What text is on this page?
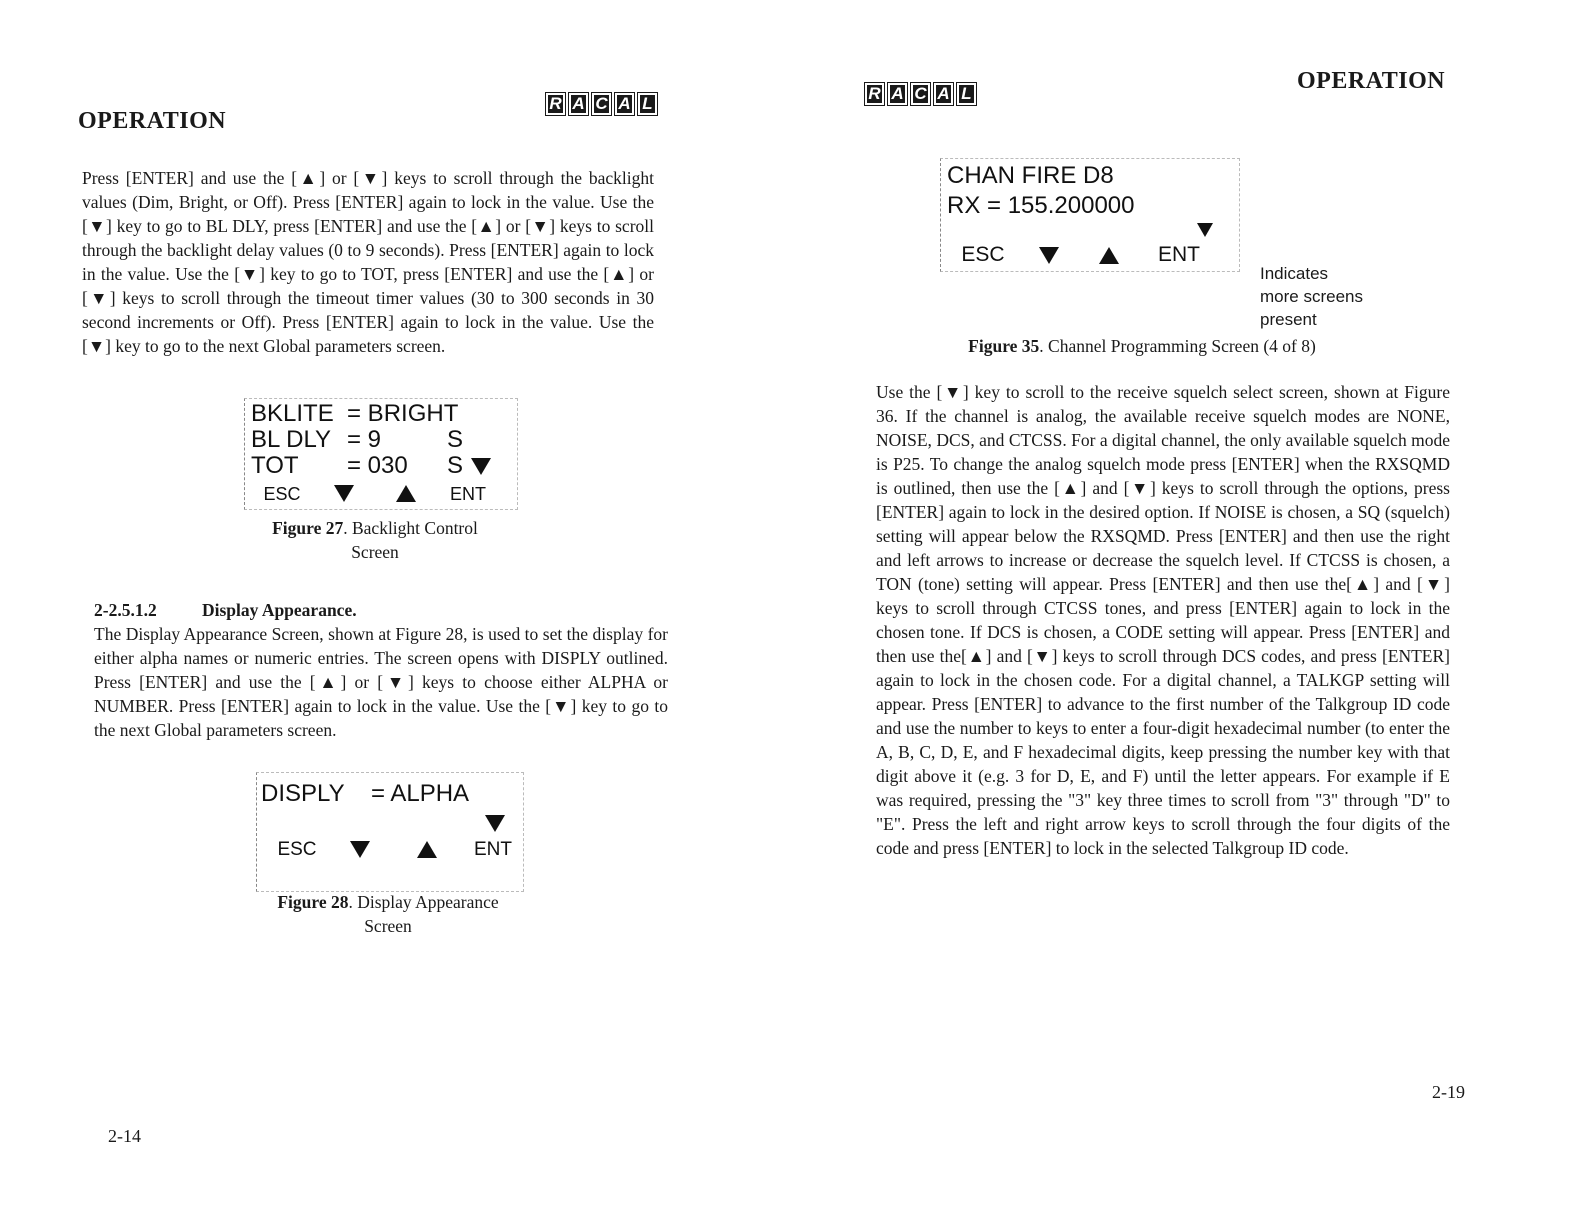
OPERATION
R A C A L

Press [ENTER] and use the [▲] or [▼] keys to scroll through the backlight values (Dim, Bright, or Off). Press [ENTER] again to lock in the value. Use the [▼] key to go to BL DLY, press [ENTER] and use the [▲] or [▼] keys to scroll through the backlight delay values (0 to 9 seconds). Press [ENTER] again to lock in the value. Use the [▼] key to go to TOT, press [ENTER] and use the [▲] or [▼] keys to scroll through the timeout timer values (30 to 300 seconds in 30 second increments or Off). Press [ENTER] again to lock in the value. Use the [▼] key to go to the next Global parameters screen.

BKLITE = BRIGHT
BL DLY = 9	S
TOT	= 030	S
ESC	ENT
Figure 27. Backlight Control
Screen
2-2.5.1.2	Display Appearance.

The Display Appearance Screen, shown at Figure 28, is used to set the display for either alpha names or numeric entries. The screen opens with DISPLY outlined. Press [ENTER] and use the [▲] or [▼] keys to choose either ALPHA or NUMBER. Press [ENTER] again to lock in the value. Use the [▼] key to go to the next Global parameters screen.

DISPLY	= ALPHA
ESC	ENT
Figure 28. Display Appearance
Screen
2-14
R A C A L	OPERATION
CHAN FIRE D8
RX = 155.200000
ESC	ENT
Indicates
more screens
present
Figure 35. Channel Programming Screen (4 of 8)

Use the [▼] key to scroll to the receive squelch select screen, shown at Figure 36. If the channel is analog, the available receive squelch modes are NONE, NOISE, DCS, and CTCSS. For a digital channel, the only available squelch mode is P25. To change the analog squelch mode press [ENTER] when the RXSQMD is outlined, then use the [▲] and [▼] keys to scroll through the options, press [ENTER] again to lock in the desired option. If NOISE is chosen, a SQ (squelch) setting will appear below the RXSQMD. Press [ENTER] and then use the right and left arrows to increase or decrease the squelch level. If CTCSS is chosen, a TON (tone) setting will appear. Press [ENTER] and then use the[▲] and [▼] keys to scroll through CTCSS tones, and press [ENTER] again to lock in the chosen tone. If DCS is chosen, a CODE setting will appear. Press [ENTER] and then use the[▲] and [▼] keys to scroll through DCS codes, and press [ENTER] again to lock in the chosen code. For a digital channel, a TALKGP setting will appear. Press [ENTER] to advance to the first number of the Talkgroup ID code and use the number to keys to enter a four-digit hexadecimal number (to enter the A, B, C, D, E, and F hexadecimal digits, keep pressing the number key with that digit above it (e.g. 3 for D, E, and F) until the letter appears. For example if E was required, pressing the "3" key three times to scroll from "3" through "D" to "E". Press the left and right arrow keys to scroll through the four digits of the code and press [ENTER] to lock in the selected Talkgroup ID code.

2-19
